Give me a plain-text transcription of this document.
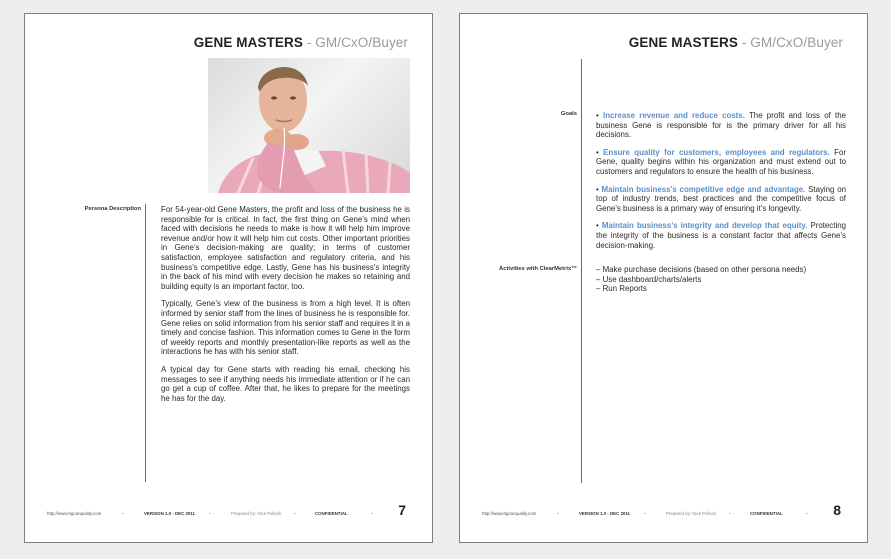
GENE MASTERS - GM/CxO/Buyer
Persona Description	For 54-year-old Gene Masters, the profit and loss of the business he is responsible for is critical. In fact, the first thing on Gene’s mind when faced with decisions he needs to make is how it will help him improve revenue and/or how it will help him cut costs. Other important priorities in Gene’s decision-making are quality; in terms of customer satisfaction, employee satisfaction and regulatory criteria, and his business’s competitive edge. Lastly, Gene has his business’s integrity in the back of his mind with every decision he makes so retaining and building equity is an important factor, too.

Typically, Gene’s view of the business is from a high level. It is often informed by senior staff from the lines of business he is responsible for. Gene relies on solid information from his senior staff and requires it in a timely and concise fashion. This information comes to Gene in the form of weekly reports and monthly presentation-like reports as well as the interactions he has with his senior staff.

A typical day for Gene starts with reading his email, checking his messages to see if anything needs his immediate attention or if he can go get a cup of coffee. After that, he likes to prepare for the meetings he has for the day.

http://www.hgcarquality.com	•	VERSION 1.0 - DEC 2011	•	Prepared by: Nick Pollock	•	CONFIDENTIAL	• 7
GENE MASTERS - GM/CxO/Buyer
Goals • Increase revenue and reduce costs. The profit and loss of the business Gene is responsible for is the primary driver for all his decisions.
• Ensure quality for customers, employees and regulators. For Gene, quality begins within his organization and must extend out to customers and regulators to ensure the health of his business.
• Maintain business’s competitive edge and advantage. Staying on top of industry trends, best practices and the competitive focus of Gene’s business is a primary way of ensuring it’s longevity.
• Maintain business’s integrity and develop that equity. Protecting the integrity of the business is a constant factor that affects Gene’s decision-making.
Activities with ClearMetrix™ – Make purchase decisions (based on other persona needs)
– Use dashboard/charts/alerts
– Run Reports
http://www.hgcarquality.com	•	VERSION 1.0 - DEC 2011	•	Prepared by: Nick Pollock	•	CONFIDENTIAL	• 8
